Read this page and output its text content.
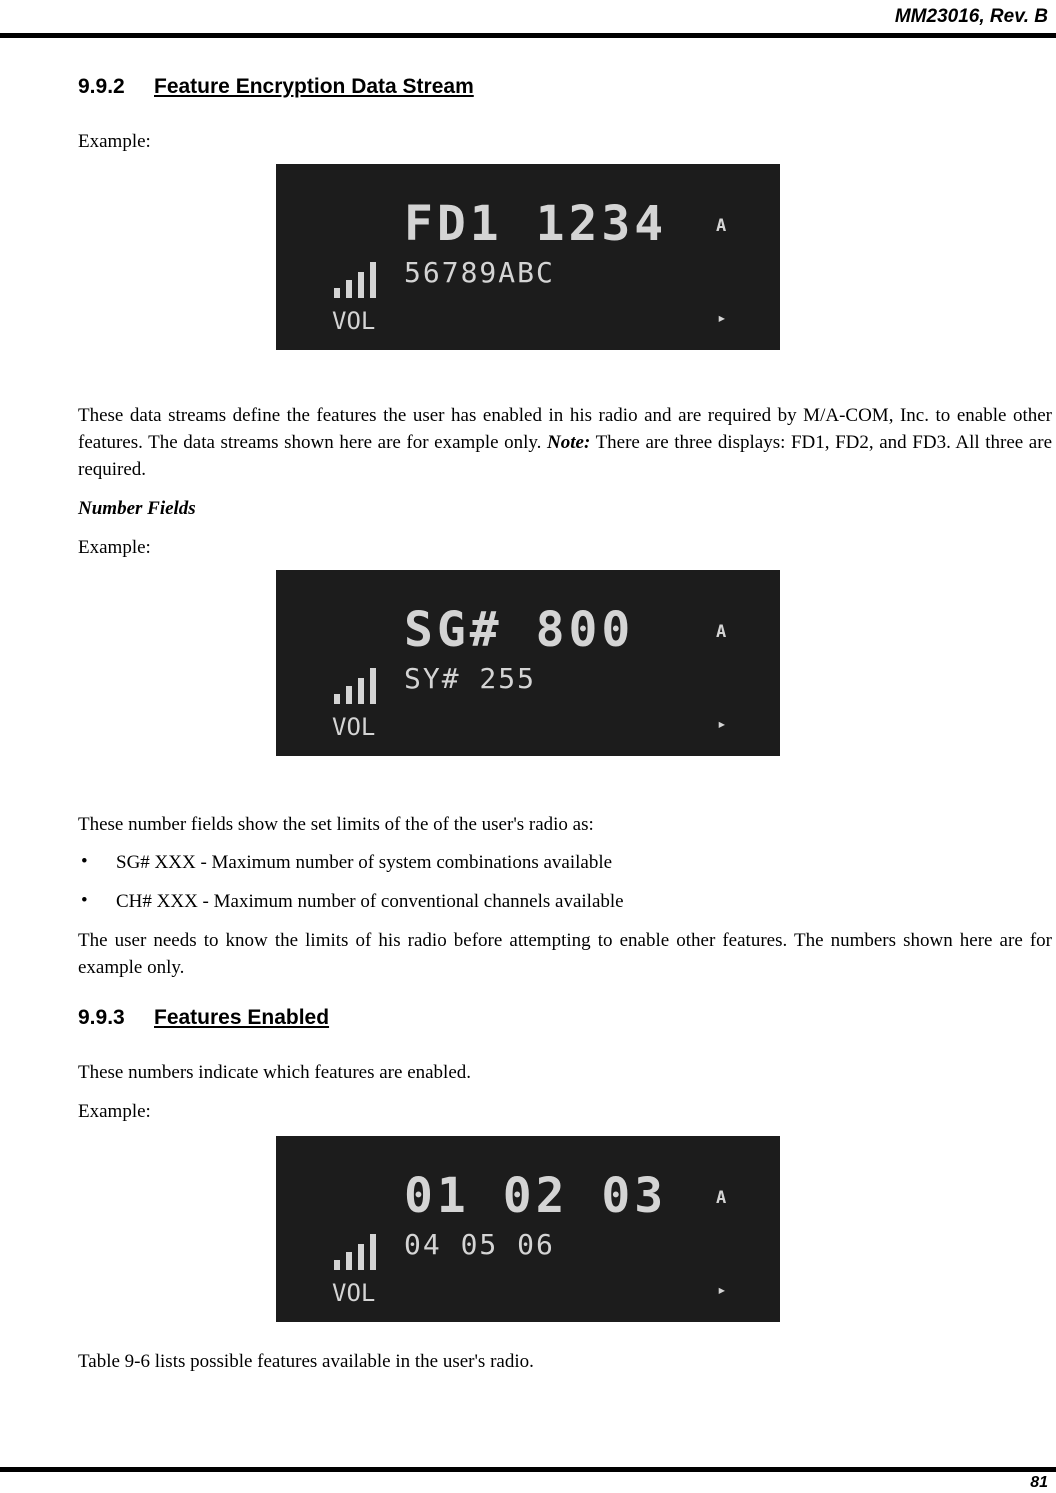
MM23016, Rev. B
9.9.2 Feature Encryption Data Stream
Example:
FD1 1234
56789ABC
VOL
A
▸

These data streams define the features the user has enabled in his radio and are required by M/A-COM, Inc. to enable other features. The data streams shown here are for example only. Note: There are three displays: FD1, FD2, and FD3. All three are required.

Number Fields
Example:
SG# 800
SY# 255
VOL
A
▸
These number fields show the set limits of the of the user's radio as:
• SG# XXX - Maximum number of system combinations available
• CH# XXX - Maximum number of conventional channels available

The user needs to know the limits of his radio before attempting to enable other features. The numbers shown here are for example only.

9.9.3 Features Enabled
These numbers indicate which features are enabled.
Example:
01 02 03
04 05 06
VOL
A
▸
Table 9-6 lists possible features available in the user's radio.
81
